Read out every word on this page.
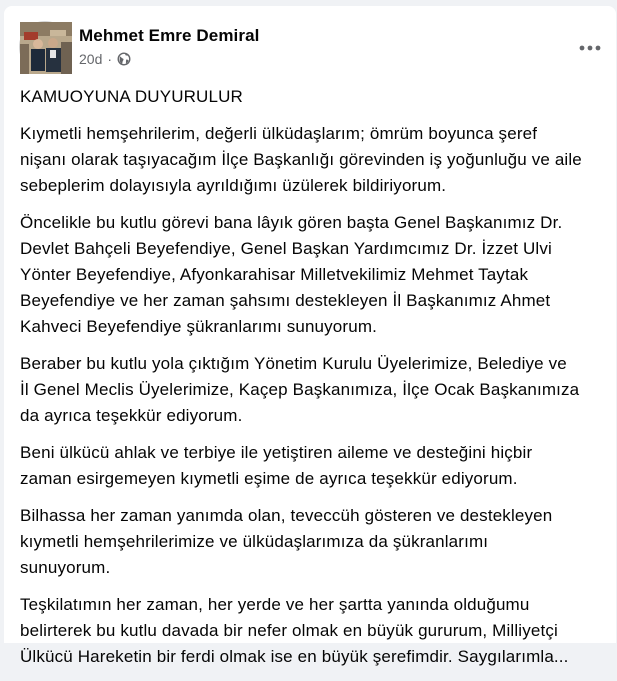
Mehmet Emre Demiral
20d ·

KAMUOYUNA DUYURULUR

Kıymetli hemşehrilerim, değerli ülküdaşlarım; ömrüm boyunca şeref
nişanı olarak taşıyacağım İlçe Başkanlığı görevinden iş yoğunluğu ve aile
sebeplerim dolayısıyla ayrıldığımı üzülerek bildiriyorum.

Öncelikle bu kutlu görevi bana lâyık gören başta Genel Başkanımız Dr.
Devlet Bahçeli Beyefendiye, Genel Başkan Yardımcımız Dr. İzzet Ulvi
Yönter Beyefendiye, Afyonkarahisar Milletvekilimiz Mehmet Taytak
Beyefendiye ve her zaman şahsımı destekleyen İl Başkanımız Ahmet
Kahveci Beyefendiye şükranlarımı sunuyorum.

Beraber bu kutlu yola çıktığım Yönetim Kurulu Üyelerimize, Belediye ve
İl Genel Meclis Üyelerimize, Kaçep Başkanımıza, İlçe Ocak Başkanımıza
da ayrıca teşekkür ediyorum.

Beni ülkücü ahlak ve terbiye ile yetiştiren aileme ve desteğini hiçbir
zaman esirgemeyen kıymetli eşime de ayrıca teşekkür ediyorum.

Bilhassa her zaman yanımda olan, teveccüh gösteren ve destekleyen
kıymetli hemşehrilerimize ve ülküdaşlarımıza da şükranlarımı
sunuyorum.

Teşkilatımın her zaman, her yerde ve her şartta yanında olduğumu
belirterek bu kutlu davada bir nefer olmak en büyük gururum, Milliyetçi
Ülkücü Hareketin bir ferdi olmak ise en büyük şerefimdir. Saygılarımla...
